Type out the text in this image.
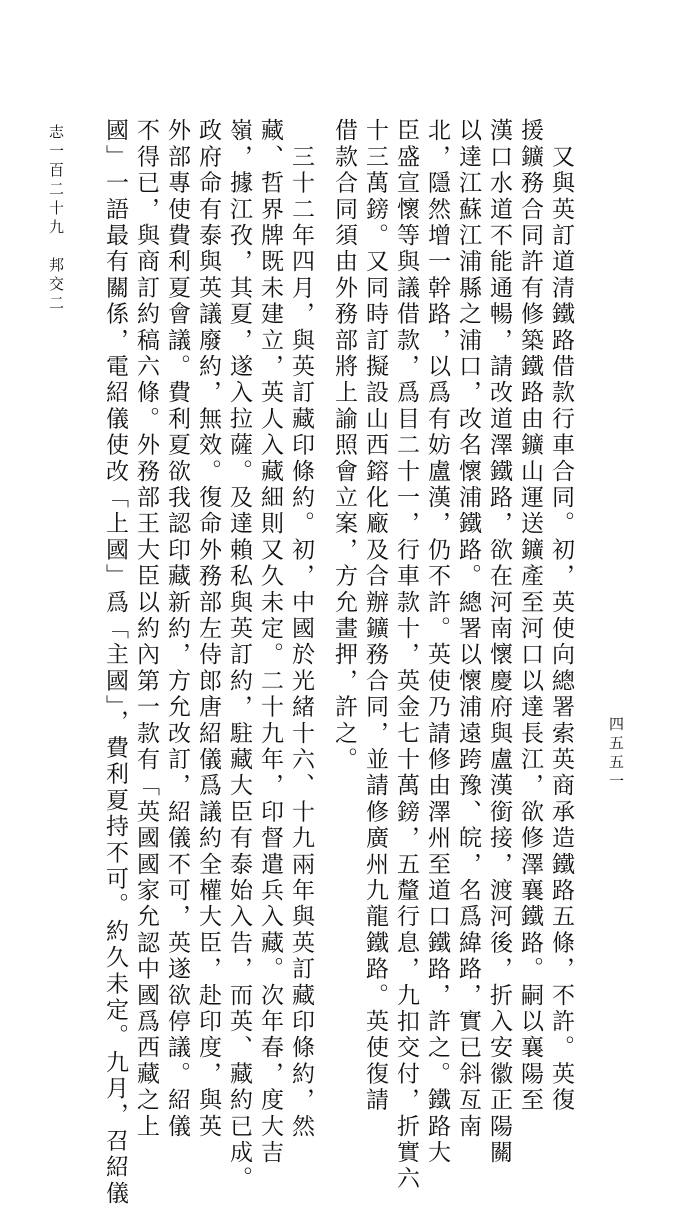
志一百二十九　邦交二
四五五一
　又與英訂道清鐵路借款行車合同。初，英使向總署索英商承造鐵路五條，不許。英復
援鑛務合同許有修築鐵路由鑛山運送鑛產至河口以達長江，欲修澤襄鐵路。嗣以襄陽至
漢口水道不能通暢，請改道澤鐵路，欲在河南懷慶府與盧漢銜接，渡河後，折入安徽正陽關
以達江蘇江浦縣之浦口，改名懷浦鐵路。總署以懷浦遠跨豫、皖，名爲緯路，實已斜亙南
北，隱然增一幹路，以爲有妨盧漢，仍不許。英使乃請修由澤州至道口鐵路，許之。鐵路大
臣盛宣懷等與議借款，爲目二十一，行車款十，英金七十萬鎊，五釐行息，九扣交付，折實六
十三萬鎊。又同時訂擬設山西鎔化廠及合辦鑛務合同，並請修廣州九龍鐵路。英使復請
借款合同須由外務部將上諭照會立案，方允畫押，許之。
　三十二年四月，與英訂藏印條約。初，中國於光緒十六、十九兩年與英訂藏印條約，然
藏、哲界牌既未建立，英人入藏細則又久未定。二十九年，印督遣兵入藏。次年春，度大吉
嶺，據江孜，其夏，遂入拉薩。及達賴私與英訂約，駐藏大臣有泰始入告，而英、藏約已成。
政府命有泰與英議廢約，無效。復命外務部左侍郎唐紹儀爲議約全權大臣，赴印度，與英
外部專使費利夏會議。費利夏欲我認印藏新約，方允改訂，紹儀不可，英遂欲停議。紹儀
不得已，與商訂約稿六條。外務部王大臣以約內第一款有「英國國家允認中國爲西藏之上
國」一語最有關係，電紹儀使改「上國」爲「主國」，費利夏持不可。約久未定。九月，召紹儀
